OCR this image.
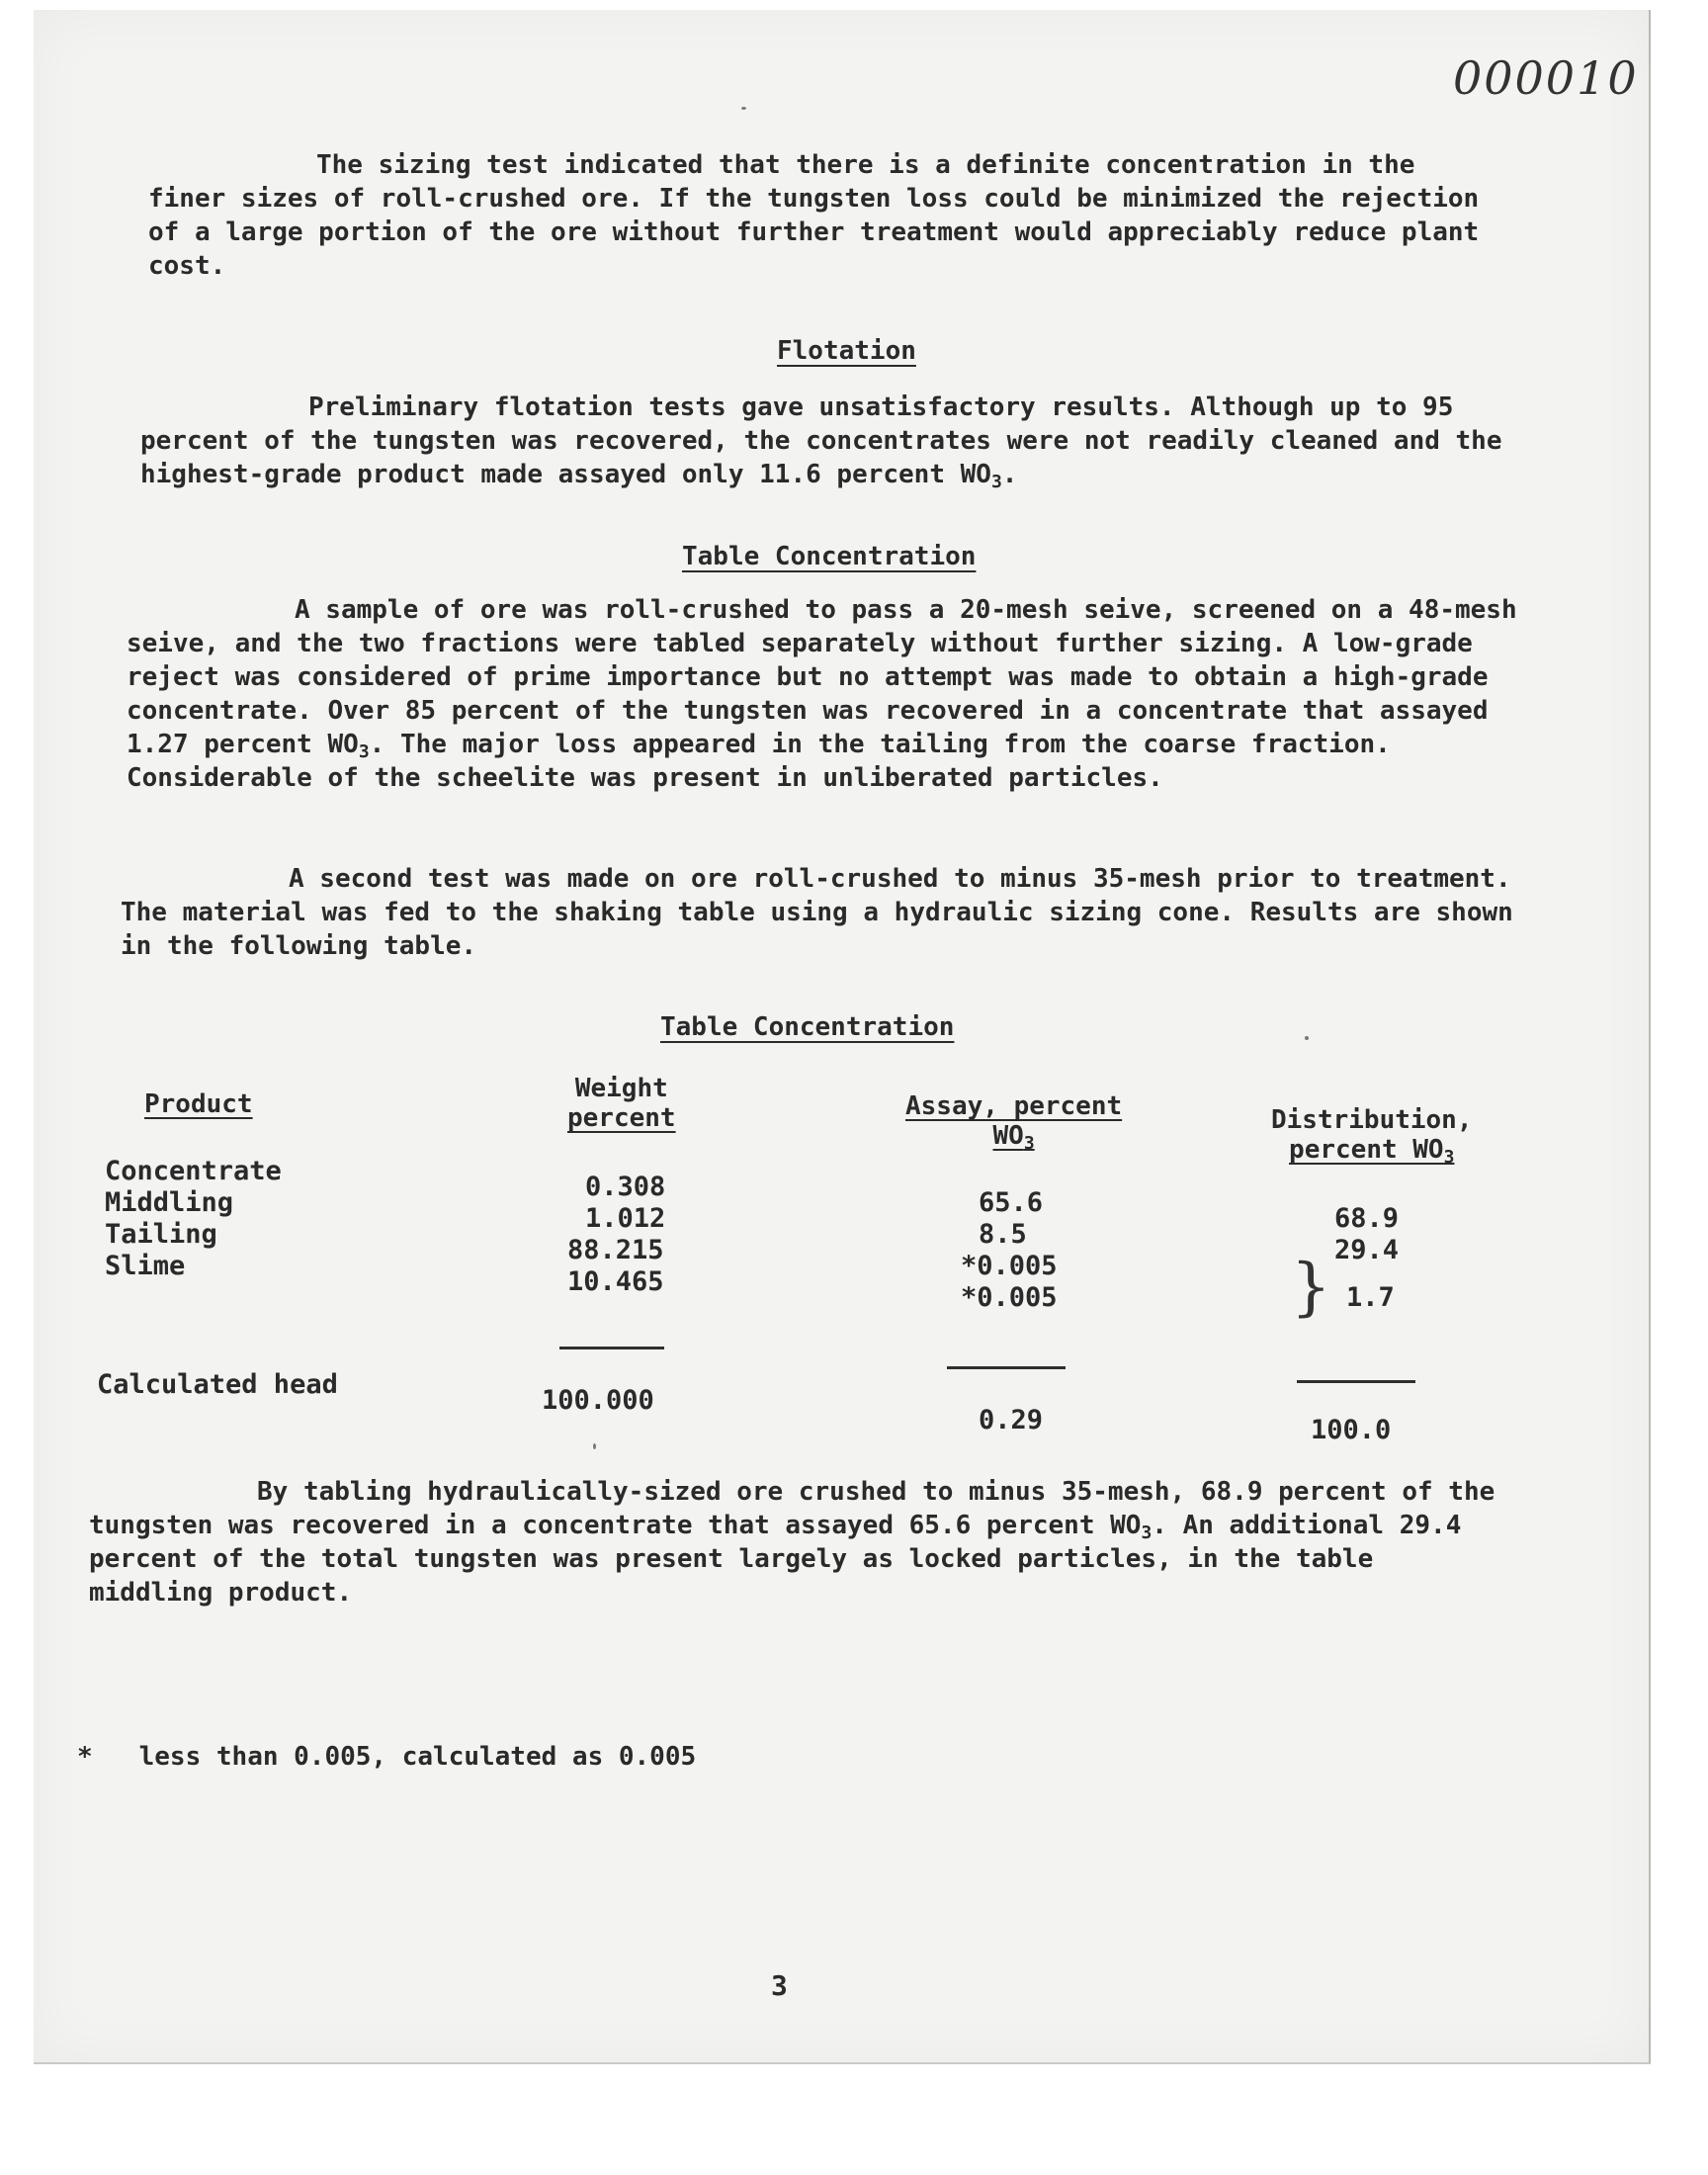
000010

The sizing test indicated that there is a definite concentration in the finer sizes of roll-crushed ore. If the tungsten loss could be minimized the rejection of a large portion of the ore without further treatment would appreciably reduce plant cost.

Flotation

Preliminary flotation tests gave unsatisfactory results. Although up to 95 percent of the tungsten was recovered, the concentrates were not readily cleaned and the highest-grade product made assayed only 11.6 percent $WO_3$.

Table Concentration

A sample of ore was roll-crushed to pass a 20-mesh seive, screened on a 48-mesh seive, and the two fractions were tabled separately without further sizing. A low-grade reject was considered of prime importance but no attempt was made to obtain a high-grade concentrate. Over 85 percent of the tungsten was recovered in a concentrate that assayed 1.27 percent $WO_3$. The major loss appeared in the tailing from the coarse fraction. Considerable of the scheelite was present in unliberated particles.

A second test was made on ore roll-crushed to minus 35-mesh prior to treatment. The material was fed to the shaking table using a hydraulic sizing cone. Results are shown in the following table.

Table Concentration
Product
Weight
percent	Assay, percent
$WO_3$
Distribution,
percent $WO_3$
Concentrate
Middling
Tailing
Slime
0.308
1.012
88.215
10.465
65.6
8.5
*0.005
*0.005
68.9
29.4
} 1.7
Calculated head
100.000
0.29	100.0

By tabling hydraulically-sized ore crushed to minus 35-mesh, 68.9 percent of the tungsten was recovered in a concentrate that assayed 65.6 percent $WO_3$. An additional 29.4 percent of the total tungsten was present largely as locked particles, in the table middling product.

* less than 0.005, calculated as 0.005
3
